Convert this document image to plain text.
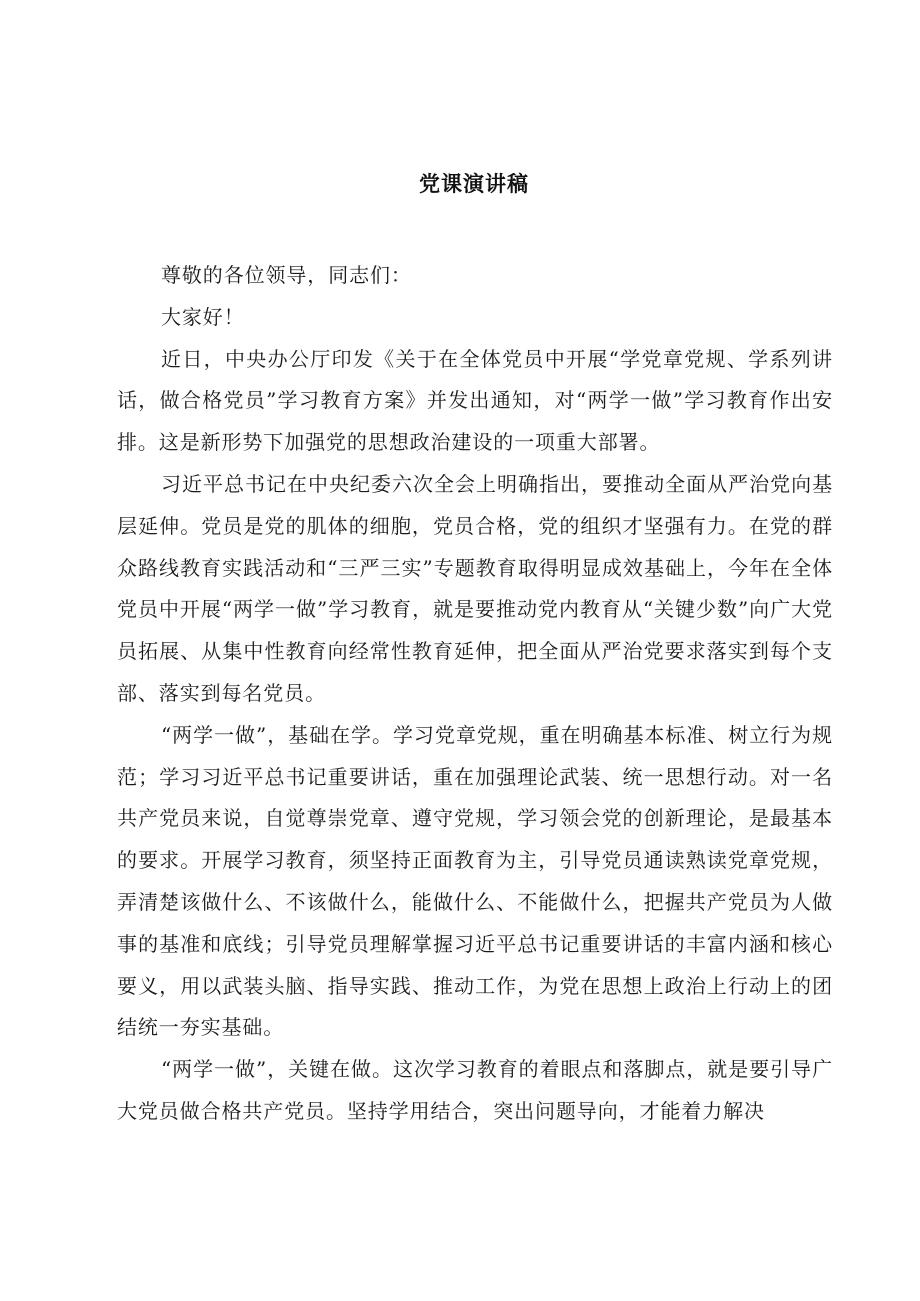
党课演讲稿

尊敬的各位领导，同志们：

大家好！

近日，中央办公厅印发《关于在全体党员中开展“学党章党规、学系列讲话，做合格党员”学习教育方案》并发出通知，对“两学一做”学习教育作出安排。这是新形势下加强党的思想政治建设的一项重大部署。

习近平总书记在中央纪委六次全会上明确指出，要推动全面从严治党向基层延伸。党员是党的肌体的细胞，党员合格，党的组织才坚强有力。在党的群众路线教育实践活动和“三严三实”专题教育取得明显成效基础上，今年在全体党员中开展“两学一做”学习教育，就是要推动党内教育从“关键少数”向广大党员拓展、从集中性教育向经常性教育延伸，把全面从严治党要求落实到每个支部、落实到每名党员。

“两学一做”，基础在学。学习党章党规，重在明确基本标准、树立行为规范；学习习近平总书记重要讲话，重在加强理论武装、统一思想行动。对一名共产党员来说，自觉尊崇党章、遵守党规，学习领会党的创新理论，是最基本的要求。开展学习教育，须坚持正面教育为主，引导党员通读熟读党章党规，弄清楚该做什么、不该做什么，能做什么、不能做什么，把握共产党员为人做事的基准和底线；引导党员理解掌握习近平总书记重要讲话的丰富内涵和核心要义，用以武装头脑、指导实践、推动工作，为党在思想上政治上行动上的团结统一夯实基础。

“两学一做”，关键在做。这次学习教育的着眼点和落脚点，就是要引导广大党员做合格共产党员。坚持学用结合，突出问题导向，才能着力解决
